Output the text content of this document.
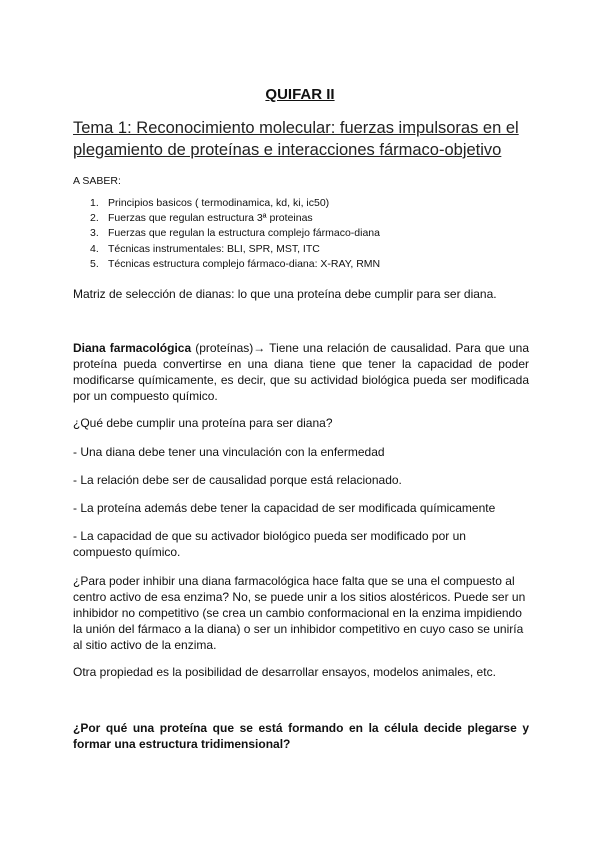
QUIFAR II
Tema 1: Reconocimiento molecular: fuerzas impulsoras en el plegamiento de proteínas e interacciones fármaco-objetivo
A SABER:
1. Principios basicos ( termodinamica, kd, ki, ic50)
2. Fuerzas que regulan estructura 3ª proteinas
3. Fuerzas que regulan la estructura complejo fármaco-diana
4. Técnicas instrumentales: BLI, SPR, MST, ITC
5. Técnicas estructura complejo fármaco-diana: X-RAY, RMN

Matriz de selección de dianas: lo que una proteína debe cumplir para ser diana.

Diana farmacológica (proteínas)→ Tiene una relación de causalidad. Para que una proteína pueda convertirse en una diana tiene que tener la capacidad de poder modificarse químicamente, es decir, que su actividad biológica pueda ser modificada por un compuesto químico.

¿Qué debe cumplir una proteína para ser diana?

- Una diana debe tener una vinculación con la enfermedad

- La relación debe ser de causalidad porque está relacionado.

- La proteína además debe tener la capacidad de ser modificada químicamente

- La capacidad de que su activador biológico pueda ser modificado por un compuesto químico.

¿Para poder inhibir una diana farmacológica hace falta que se una el compuesto al centro activo de esa enzima? No, se puede unir a los sitios alostéricos. Puede ser un inhibidor no competitivo (se crea un cambio conformacional en la enzima impidiendo la unión del fármaco a la diana) o ser un inhibidor competitivo en cuyo caso se uniría al sitio activo de la enzima.

Otra propiedad es la posibilidad de desarrollar ensayos, modelos animales, etc.

¿Por qué una proteína que se está formando en la célula decide plegarse y formar una estructura tridimensional?
